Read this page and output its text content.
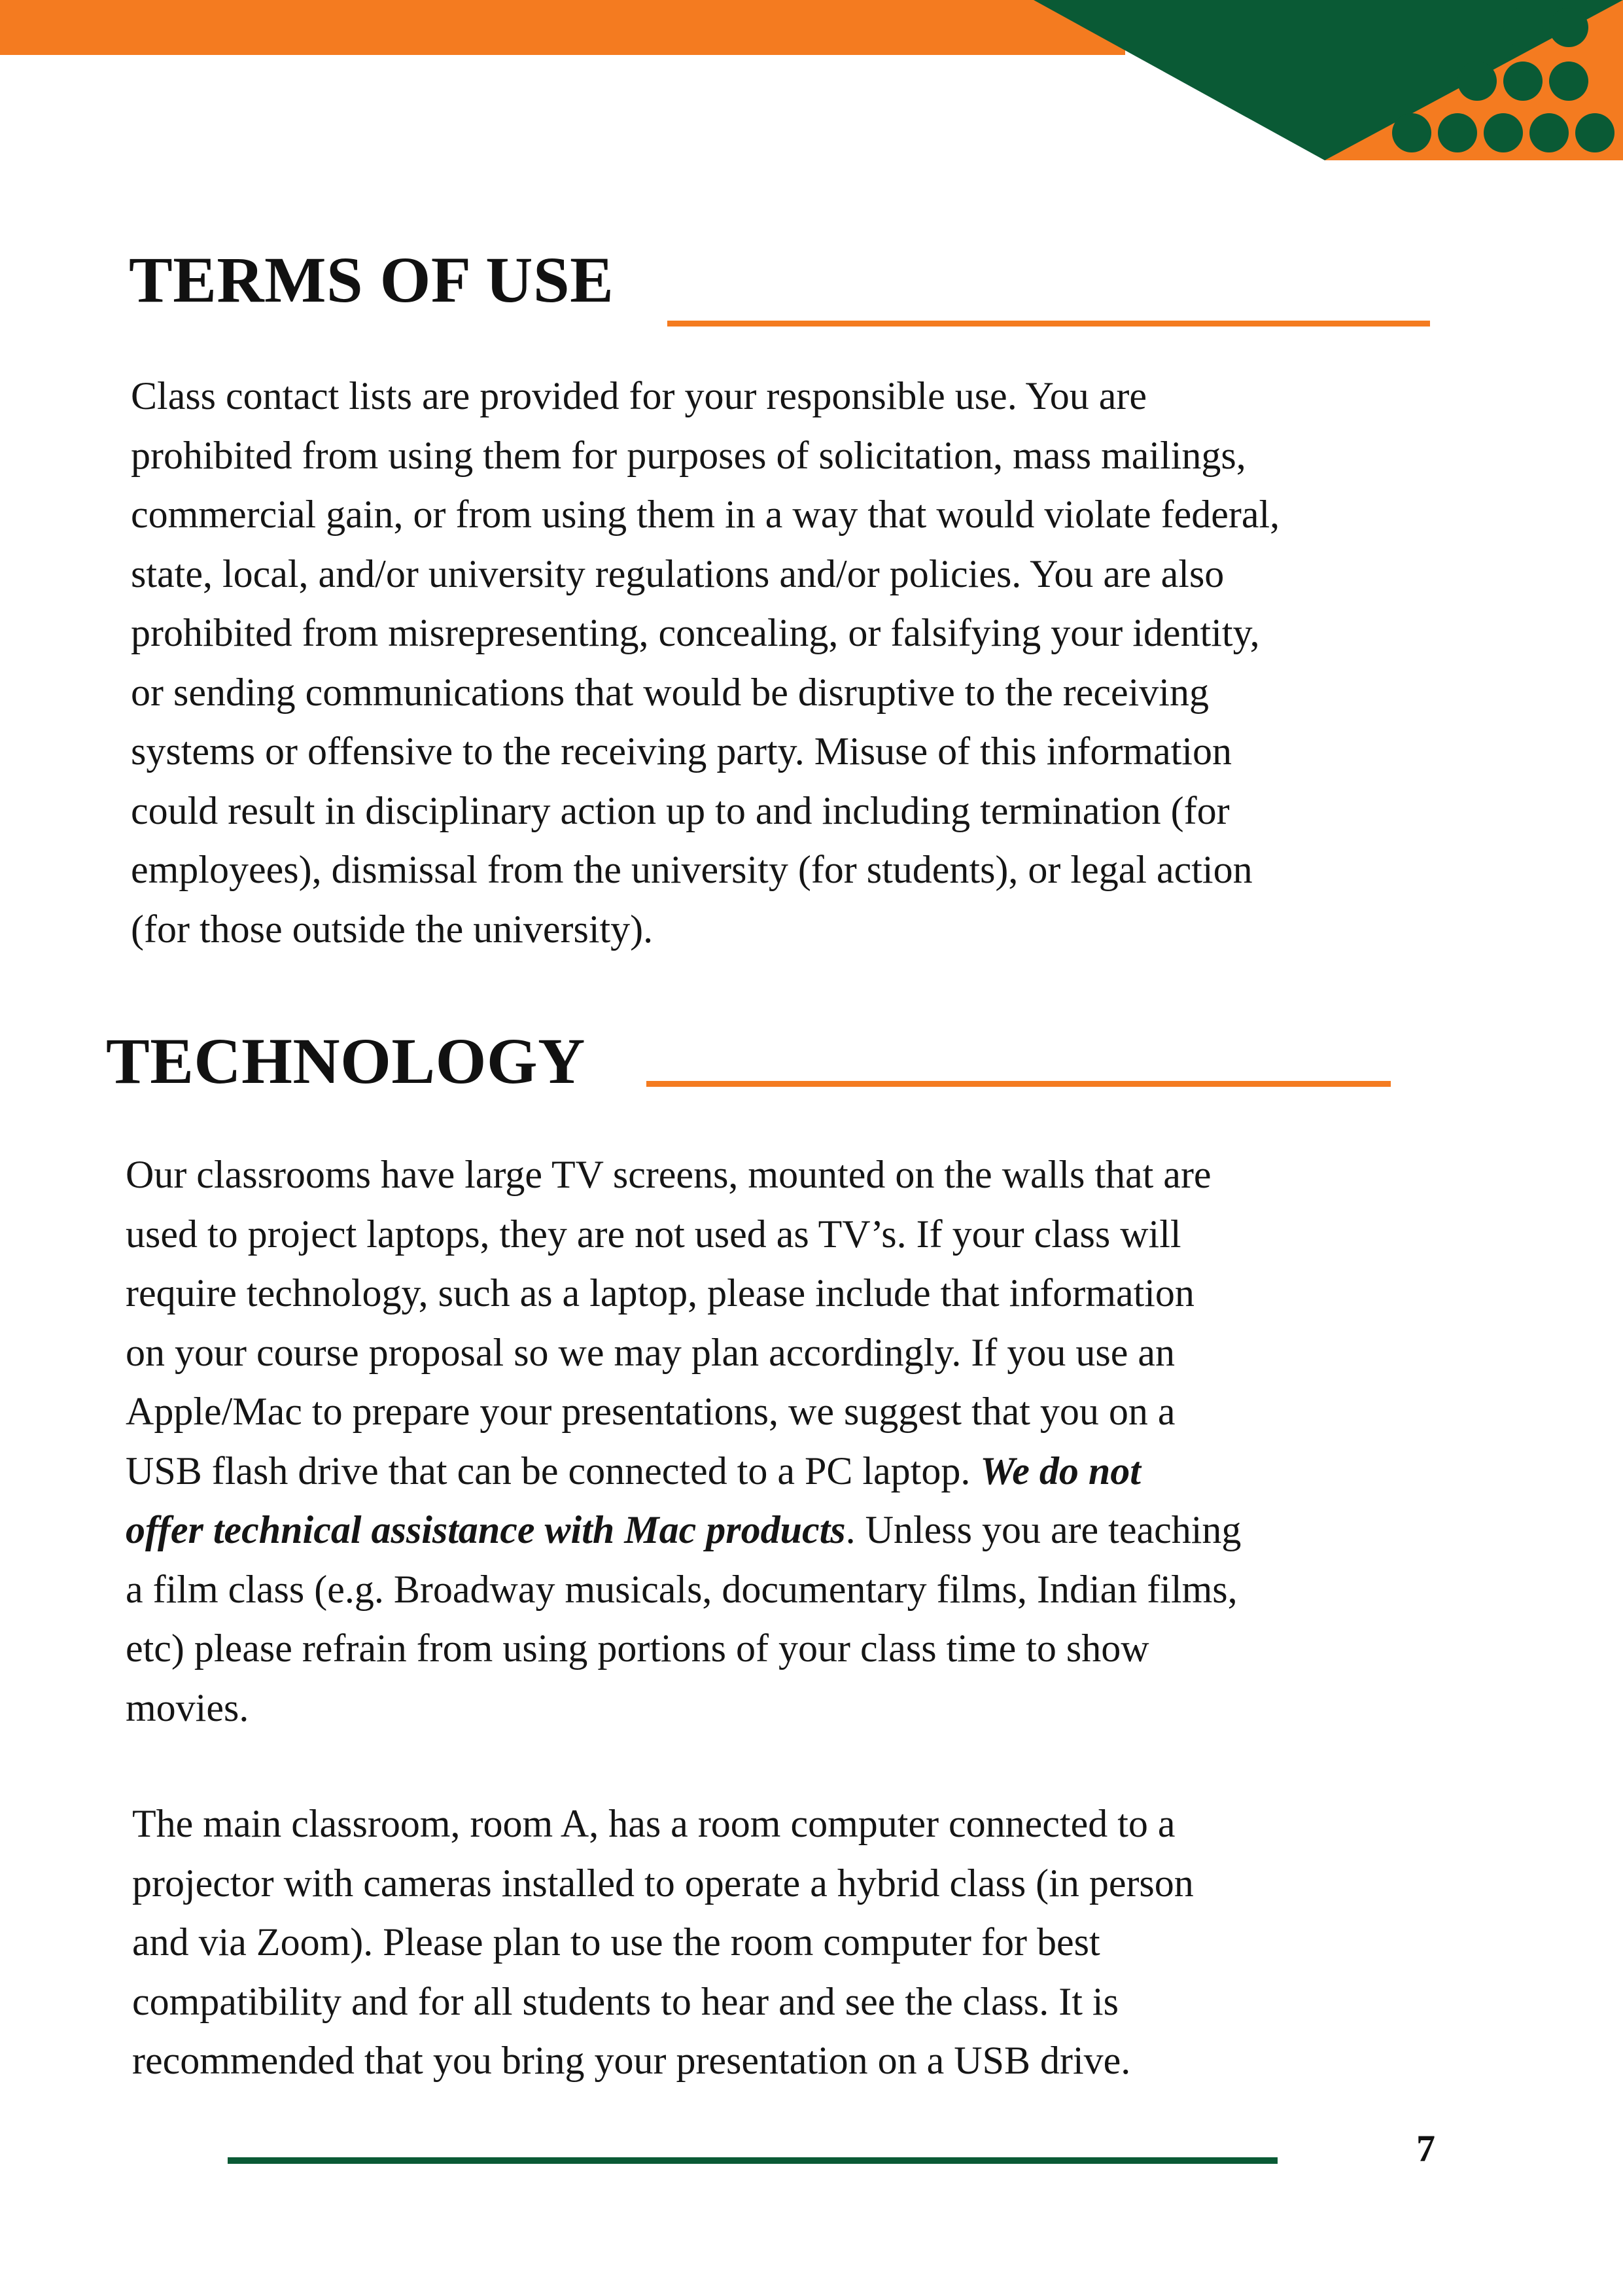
TERMS OF USE
Class contact lists are provided for your responsible use. You are
prohibited from using them for purposes of solicitation, mass mailings,
commercial gain, or from using them in a way that would violate federal,
state, local, and/or university regulations and/or policies. You are also
prohibited from misrepresenting, concealing, or falsifying your identity,
or sending communications that would be disruptive to the receiving
systems or offensive to the receiving party. Misuse of this information
could result in disciplinary action up to and including termination (for
employees), dismissal from the university (for students), or legal action
(for those outside the university).
TECHNOLOGY
Our classrooms have large TV screens, mounted on the walls that are
used to project laptops, they are not used as TV’s. If your class will
require technology, such as a laptop, please include that information
on your course proposal so we may plan accordingly. If you use an
Apple/Mac to prepare your presentations, we suggest that you on a
USB flash drive that can be connected to a PC laptop. We do not
offer technical assistance with Mac products. Unless you are teaching
a film class (e.g. Broadway musicals, documentary films, Indian films,
etc) please refrain from using portions of your class time to show
movies.
The main classroom, room A, has a room computer connected to a
projector with cameras installed to operate a hybrid class (in person
and via Zoom). Please plan to use the room computer for best
compatibility and for all students to hear and see the class. It is
recommended that you bring your presentation on a USB drive.
7
